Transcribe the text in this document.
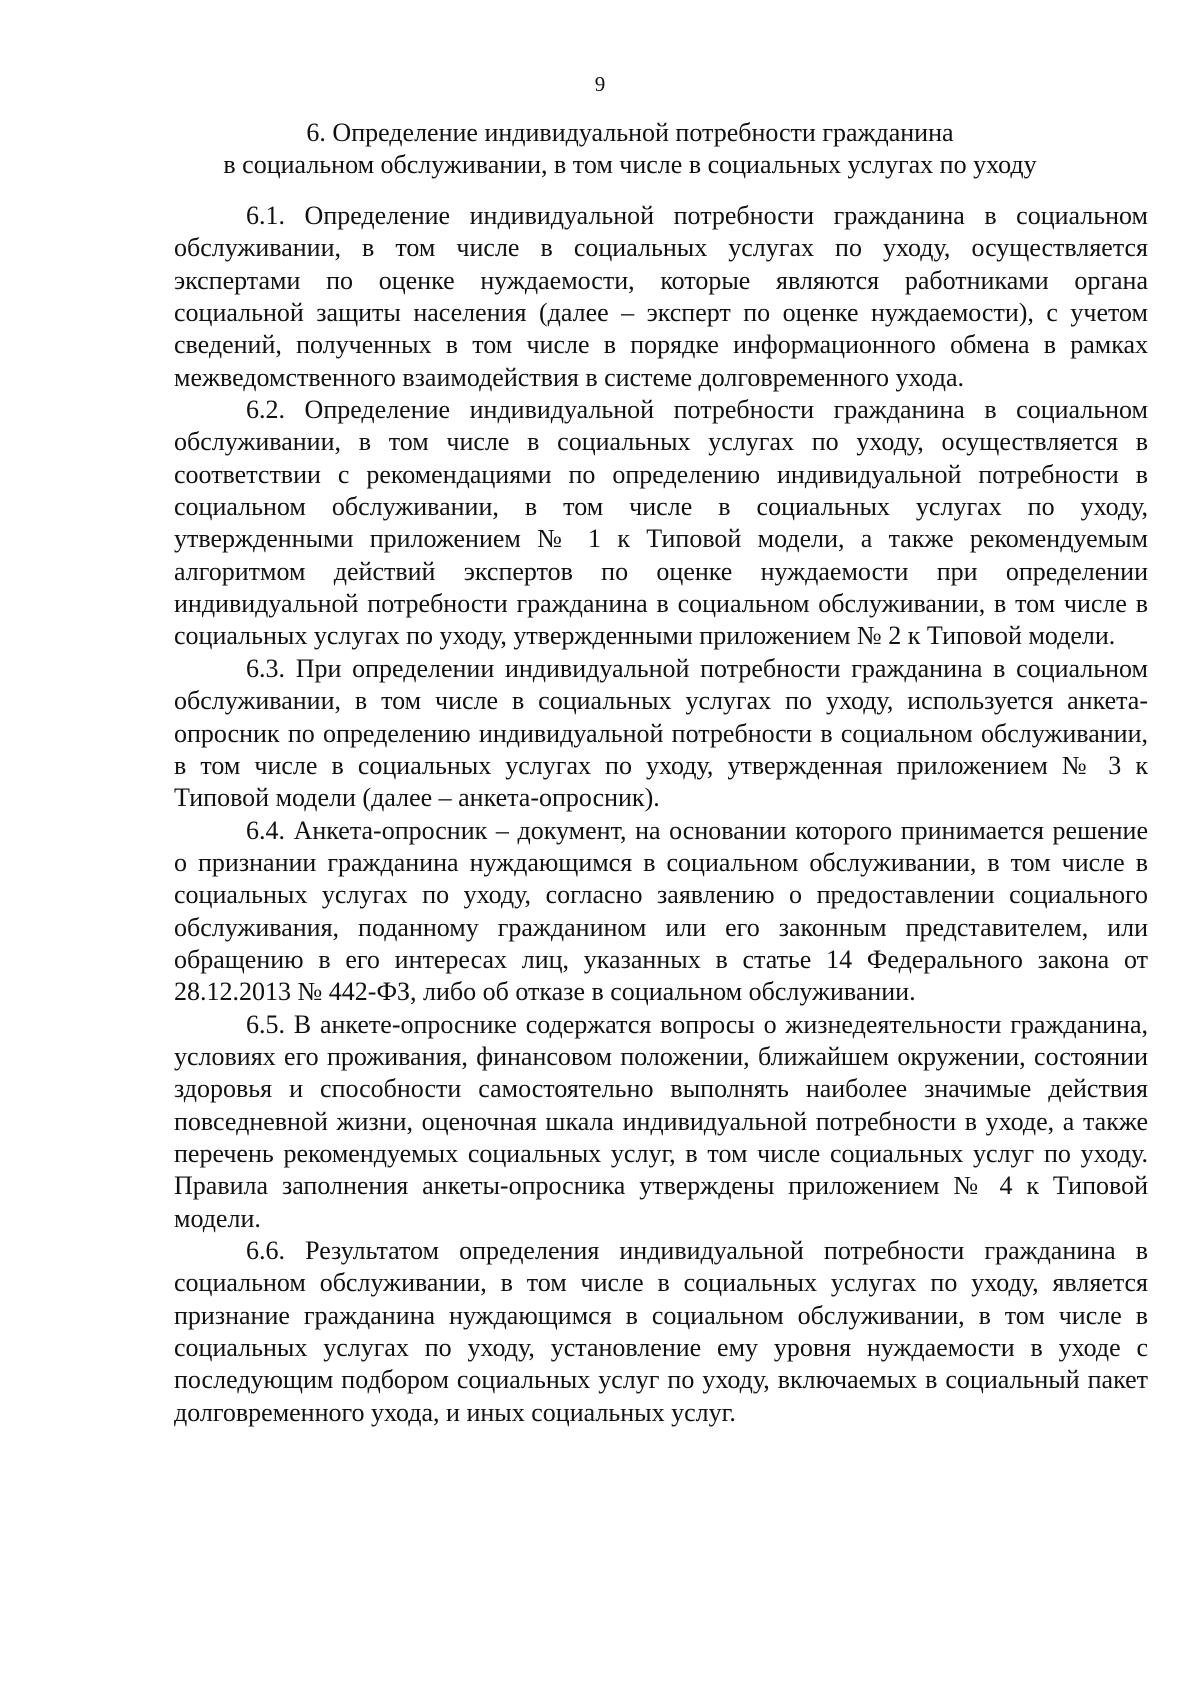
9
6. Определение индивидуальной потребности гражданина
в социальном обслуживании, в том числе в социальных услугах по уходу

6.1. Определение индивидуальной потребности гражданина в социальном обслуживании, в том числе в социальных услугах по уходу, осуществляется экспертами по оценке нуждаемости, которые являются работниками органа социальной защиты населения (далее – эксперт по оценке нуждаемости), с учетом сведений, полученных в том числе в порядке информационного обмена в рамках межведомственного взаимодействия в системе долговременного ухода.

6.2. Определение индивидуальной потребности гражданина в социальном обслуживании, в том числе в социальных услугах по уходу, осуществляется в соответствии с рекомендациями по определению индивидуальной потребности в социальном обслуживании, в том числе в социальных услугах по уходу, утвержденными приложением № 1 к Типовой модели, а также рекомендуемым алгоритмом действий экспертов по оценке нуждаемости при определении индивидуальной потребности гражданина в социальном обслуживании, в том числе в социальных услугах по уходу, утвержденными приложением № 2 к Типовой модели.

6.3. При определении индивидуальной потребности гражданина в социальном обслуживании, в том числе в социальных услугах по уходу, используется анкета-опросник по определению индивидуальной потребности в социальном обслуживании, в том числе в социальных услугах по уходу, утвержденная приложением № 3 к Типовой модели (далее – анкета-опросник).

6.4. Анкета-опросник – документ, на основании которого принимается решение о признании гражданина нуждающимся в социальном обслуживании, в том числе в социальных услугах по уходу, согласно заявлению о предоставлении социального обслуживания, поданному гражданином или его законным представителем, или обращению в его интересах лиц, указанных в статье 14 Федерального закона от 28.12.2013 № 442-ФЗ, либо об отказе в социальном обслуживании.

6.5. В анкете-опроснике содержатся вопросы о жизнедеятельности гражданина, условиях его проживания, финансовом положении, ближайшем окружении, состоянии здоровья и способности самостоятельно выполнять наиболее значимые действия повседневной жизни, оценочная шкала индивидуальной потребности в уходе, а также перечень рекомендуемых социальных услуг, в том числе социальных услуг по уходу. Правила заполнения анкеты-опросника утверждены приложением № 4 к Типовой модели.

6.6. Результатом определения индивидуальной потребности гражданина в социальном обслуживании, в том числе в социальных услугах по уходу, является признание гражданина нуждающимся в социальном обслуживании, в том числе в социальных услугах по уходу, установление ему уровня нуждаемости в уходе с последующим подбором социальных услуг по уходу, включаемых в социальный пакет долговременного ухода, и иных социальных услуг.
